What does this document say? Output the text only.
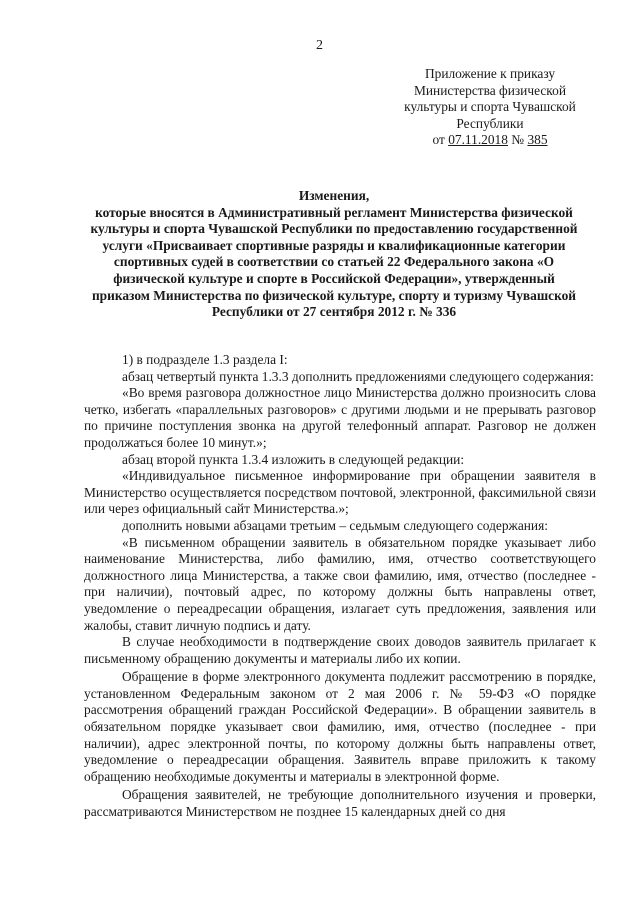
2
Приложение к приказу
Министерства физической
культуры и спорта Чувашской
Республики
от 07.11.2018 № 385
Изменения,
которые вносятся в Административный регламент Министерства физической культуры и спорта Чувашской Республики по предоставлению государственной услуги «Присваивает спортивные разряды и квалификационные категории спортивных судей в соответствии со статьей 22 Федерального закона «О физической культуре и спорте в Российской Федерации», утвержденный приказом Министерства по физической культуре, спорту и туризму Чувашской Республики от 27 сентября 2012 г. № 336

1) в подразделе 1.3 раздела I:

абзац четвертый пункта 1.3.3 дополнить предложениями следующего содержания:

«Во время разговора должностное лицо Министерства должно произносить слова четко, избегать «параллельных разговоров» с другими людьми и не прерывать разговор по причине поступления звонка на другой телефонный аппарат. Разговор не должен продолжаться более 10 минут.»;

абзац второй пункта 1.3.4 изложить в следующей редакции:

«Индивидуальное письменное информирование при обращении заявителя в Министерство осуществляется посредством почтовой, электронной, факсимильной связи или через официальный сайт Министерства.»;

дополнить новыми абзацами третьим – седьмым следующего содержания:

«В письменном обращении заявитель в обязательном порядке указывает либо наименование Министерства, либо фамилию, имя, отчество соответствующего должностного лица Министерства, а также свои фамилию, имя, отчество (последнее - при наличии), почтовый адрес, по которому должны быть направлены ответ, уведомление о переадресации обращения, излагает суть предложения, заявления или жалобы, ставит личную подпись и дату.

В случае необходимости в подтверждение своих доводов заявитель прилагает к письменному обращению документы и материалы либо их копии.

Обращение в форме электронного документа подлежит рассмотрению в порядке, установленном Федеральным законом от 2 мая 2006 г. № 59-ФЗ «О порядке рассмотрения обращений граждан Российской Федерации». В обращении заявитель в обязательном порядке указывает свои фамилию, имя, отчество (последнее - при наличии), адрес электронной почты, по которому должны быть направлены ответ, уведомление о переадресации обращения. Заявитель вправе приложить к такому обращению необходимые документы и материалы в электронной форме.

Обращения заявителей, не требующие дополнительного изучения и проверки, рассматриваются Министерством не позднее 15 календарных дней со дня
